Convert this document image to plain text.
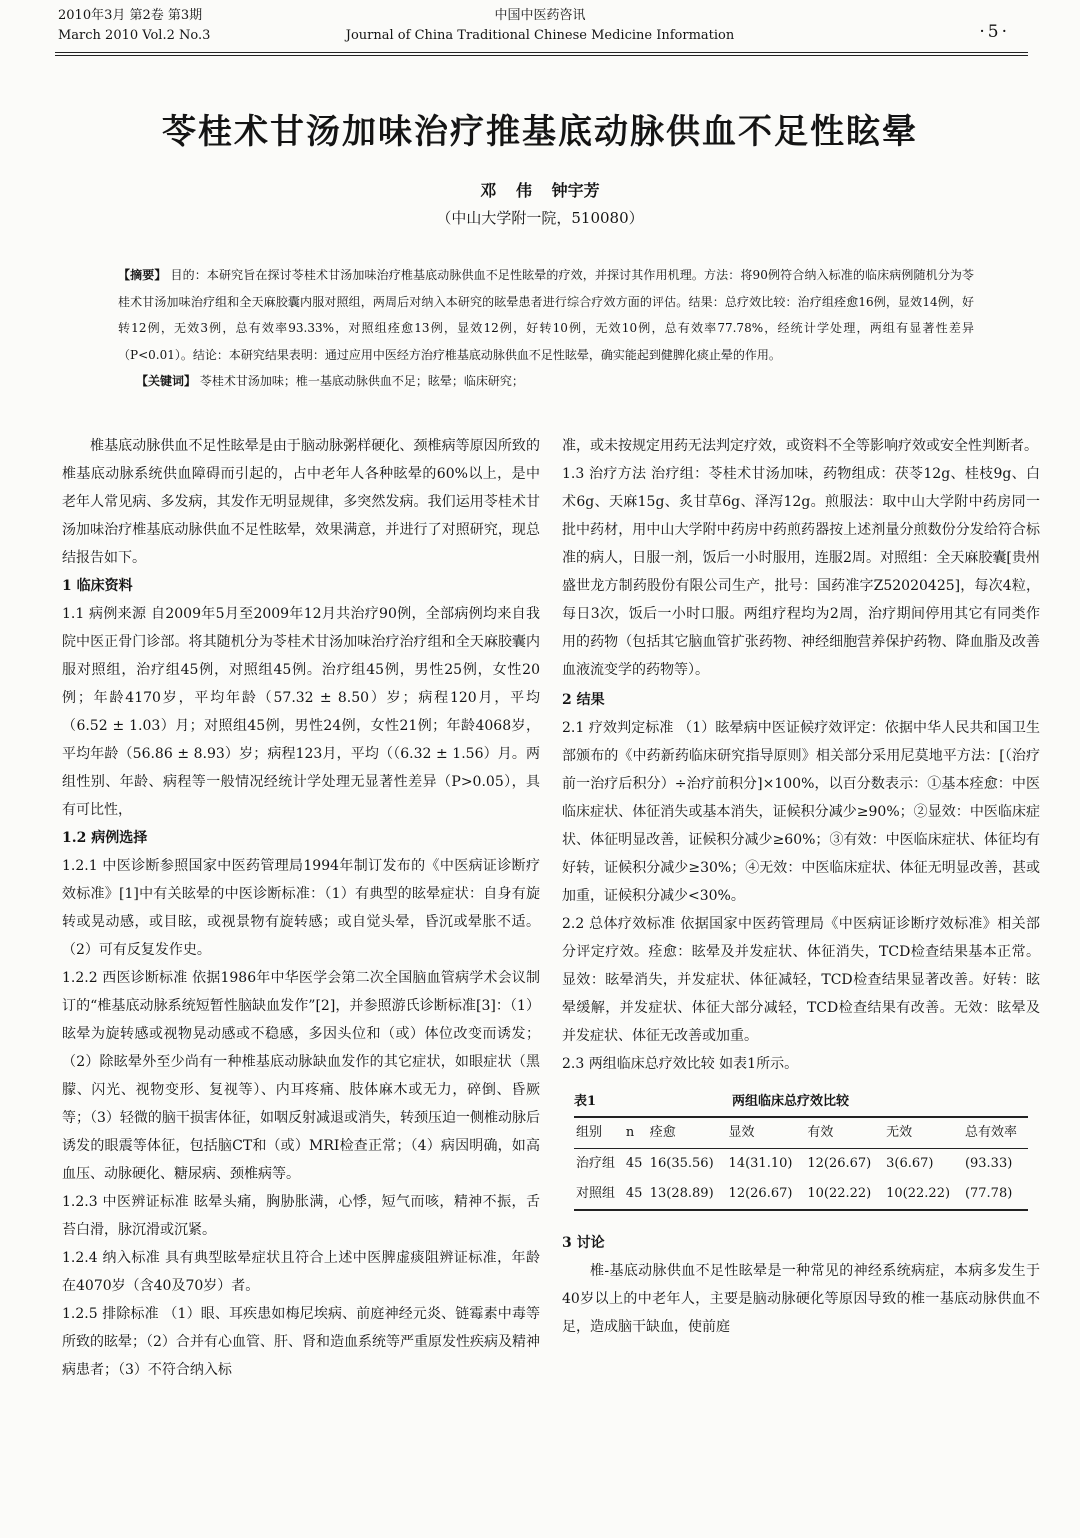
2010年3月 第2卷 第3期
March 2010 Vol.2 No.3
中国中医药咨讯
Journal of China Traditional Chinese Medicine Information	·5·
苓桂术甘汤加味治疗推基底动脉供血不足性眩晕
邓 伟 钟宇芳
（中山大学附一院，510080）

【摘要】 目的：本研究旨在探讨苓桂术甘汤加味治疗椎基底动脉供血不足性眩晕的疗效，并探讨其作用机理。方法：将90例符合纳入标准的临床病例随机分为苓桂术甘汤加味治疗组和全天麻胶囊内服对照组，两周后对纳入本研究的眩晕患者进行综合疗效方面的评估。结果：总疗效比较：治疗组痊愈16例，显效14例，好转12例，无效3例，总有效率93.33%，对照组痊愈13例，显效12例，好转10例，无效10例，总有效率77.78%，经统计学处理，两组有显著性差异（P<0.01）。结论：本研究结果表明：通过应用中医经方治疗椎基底动脉供血不足性眩晕，确实能起到健脾化痰止晕的作用。

　　【关键词】 苓桂术甘汤加味；椎一基底动脉供血不足；眩晕；临床研究；

椎基底动脉供血不足性眩晕是由于脑动脉粥样硬化、颈椎病等原因所致的椎基底动脉系统供血障碍而引起的，占中老年人各种眩晕的60%以上，是中老年人常见病、多发病，其发作无明显规律，多突然发病。我们运用苓桂术甘汤加味治疗椎基底动脉供血不足性眩晕，效果满意，并进行了对照研究，现总结报告如下。

1 临床资料

1.1 病例来源 自2009年5月至2009年12月共治疗90例，全部病例均来自我院中医正骨门诊部。将其随机分为苓桂术甘汤加味治疗治疗组和全天麻胶囊内服对照组，治疗组45例，对照组45例。治疗组45例，男性25例，女性20例；年龄4170岁，平均年龄（57.32 ± 8.50）岁；病程120月，平均（6.52 ± 1.03）月；对照组45例，男性24例，女性21例；年龄4068岁，平均年龄（56.86 ± 8.93）岁；病程123月，平均（（6.32 ± 1.56）月。两组性别、年龄、病程等一般情况经统计学处理无显著性差异（P>0.05），具有可比性，

1.2 病例选择

1.2.1 中医诊断参照国家中医药管理局1994年制订发布的《中医病证诊断疗效标准》[1]中有关眩晕的中医诊断标准：（1）有典型的眩晕症状：自身有旋转或晃动感，或目眩，或视景物有旋转感；或自觉头晕，昏沉或晕胀不适。（2）可有反复发作史。

1.2.2 西医诊断标准 依据1986年中华医学会第二次全国脑血管病学术会议制订的“椎基底动脉系统短暂性脑缺血发作”[2]，并参照游氏诊断标准[3]：（1）眩晕为旋转感或视物晃动感或不稳感，多因头位和（或）体位改变而诱发；（2）除眩晕外至少尚有一种椎基底动脉缺血发作的其它症状，如眼症状（黑朦、闪光、视物变形、复视等）、内耳疼痛、肢体麻木或无力，碎倒、昏厥等；（3）轻微的脑干损害体征，如咽反射减退或消失，转颈压迫一侧椎动脉后诱发的眼震等体征，包括脑CT和（或）MRI检查正常；（4）病因明确，如高血压、动脉硬化、糖尿病、颈椎病等。

1.2.3 中医辨证标准 眩晕头痛，胸胁胀满，心悸，短气而咳，精神不振，舌苔白滑，脉沉滑或沉紧。

1.2.4 纳入标准 具有典型眩晕症状且符合上述中医脾虚痰阻辨证标准，年龄在4070岁（含40及70岁）者。

1.2.5 排除标准 （1）眼、耳疾患如梅尼埃病、前庭神经元炎、链霉素中毒等所致的眩晕；（2）合并有心血管、肝、肾和造血系统等严重原发性疾病及精神病患者；（3）不符合纳入标

准，或未按规定用药无法判定疗效，或资料不全等影响疗效或安全性判断者。

1.3 治疗方法 治疗组：苓桂术甘汤加味，药物组成：茯苓12g、桂枝9g、白术6g、天麻15g、炙甘草6g、泽泻12g。煎服法：取中山大学附中药房同一批中药材，用中山大学附中药房中药煎药器按上述剂量分煎数份分发给符合标准的病人，日服一剂，饭后一小时服用，连服2周。对照组：全天麻胶囊[贵州盛世龙方制药股份有限公司生产，批号：国药准字Z52020425]，每次4粒，每日3次，饭后一小时口服。两组疗程均为2周，治疗期间停用其它有同类作用的药物（包括其它脑血管扩张药物、神经细胞营养保护药物、降血脂及改善血液流变学的药物等）。

2 结果

2.1 疗效判定标准 （1）眩晕病中医证候疗效评定：依据中华人民共和国卫生部颁布的《中药新药临床研究指导原则》相关部分采用尼莫地平方法：[（治疗前一治疗后积分）÷治疗前积分]×100%，以百分数表示：①基本痊愈：中医临床症状、体征消失或基本消失，证候积分减少≥90%；②显效：中医临床症状、体征明显改善，证候积分减少≥60%；③有效：中医临床症状、体征均有好转，证候积分减少≥30%；④无效：中医临床症状、体征无明显改善，甚或加重，证候积分减少<30%。

2.2 总体疗效标准 依据国家中医药管理局《中医病证诊断疗效标准》相关部分评定疗效。痊愈：眩晕及并发症状、体征消失，TCD检查结果基本正常。显效：眩晕消失，并发症状、体征减轻，TCD检查结果显著改善。好转：眩晕缓解，并发症状、体征大部分减轻，TCD检查结果有改善。无效：眩晕及并发症状、体征无改善或加重。

2.3 两组临床总疗效比较 如表1所示。

表1	两组临床总疗效比较
组别	n	痊愈	显效	有效	无效	总有效率
治疗组	45	16(35.56)	14(31.10)	12(26.67)	3(6.67)	(93.33)
对照组	45	13(28.89)	12(26.67)	10(22.22)	10(22.22)	(77.78)
3 讨论

椎-基底动脉供血不足性眩晕是一种常见的神经系统病症，本病多发生于40岁以上的中老年人，主要是脑动脉硬化等原因导致的椎一基底动脉供血不足，造成脑干缺血，使前庭
